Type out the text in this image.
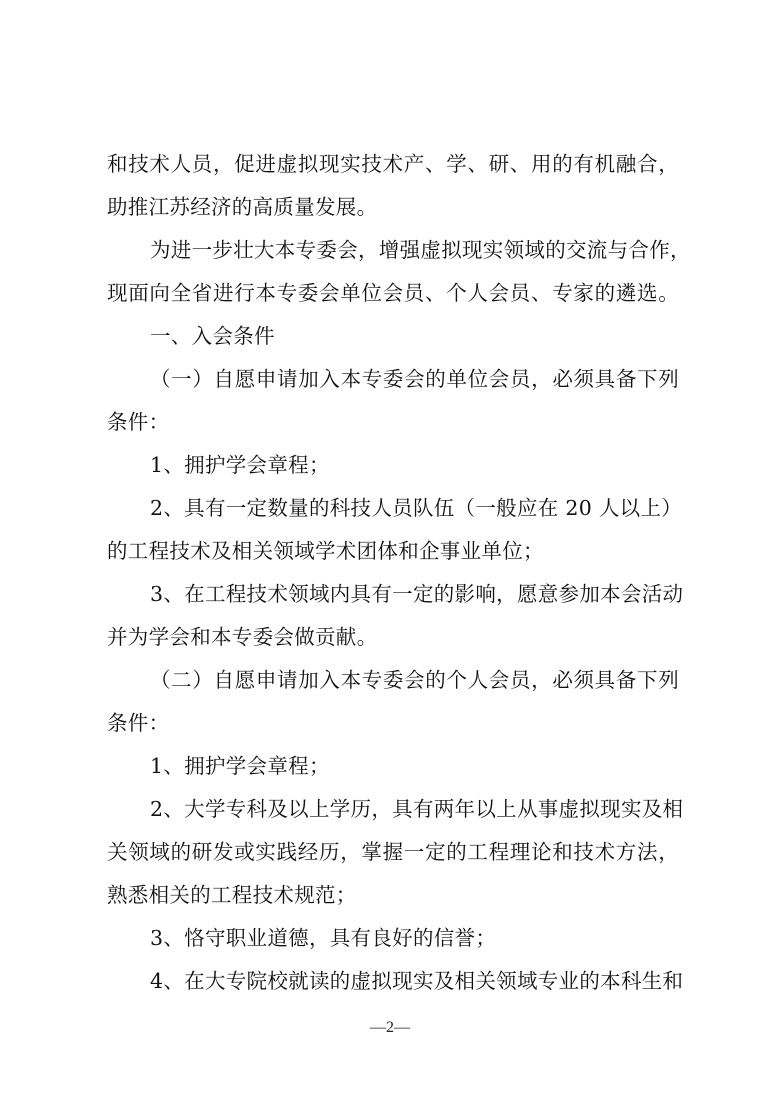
和技术人员，促进虚拟现实技术产、学、研、用的有机融合，
助推江苏经济的高质量发展。
为进一步壮大本专委会，增强虚拟现实领域的交流与合作，
现面向全省进行本专委会单位会员、个人会员、专家的遴选。
一、入会条件
（一）自愿申请加入本专委会的单位会员，必须具备下列
条件：
1、拥护学会章程；
2、具有一定数量的科技人员队伍（一般应在 20 人以上）
的工程技术及相关领域学术团体和企事业单位；
3、在工程技术领域内具有一定的影响，愿意参加本会活动
并为学会和本专委会做贡献。
（二）自愿申请加入本专委会的个人会员，必须具备下列
条件：
1、拥护学会章程；
2、大学专科及以上学历，具有两年以上从事虚拟现实及相
关领域的研发或实践经历，掌握一定的工程理论和技术方法，
熟悉相关的工程技术规范；
3、恪守职业道德，具有良好的信誉；
4、在大专院校就读的虚拟现实及相关领域专业的本科生和
—2—
